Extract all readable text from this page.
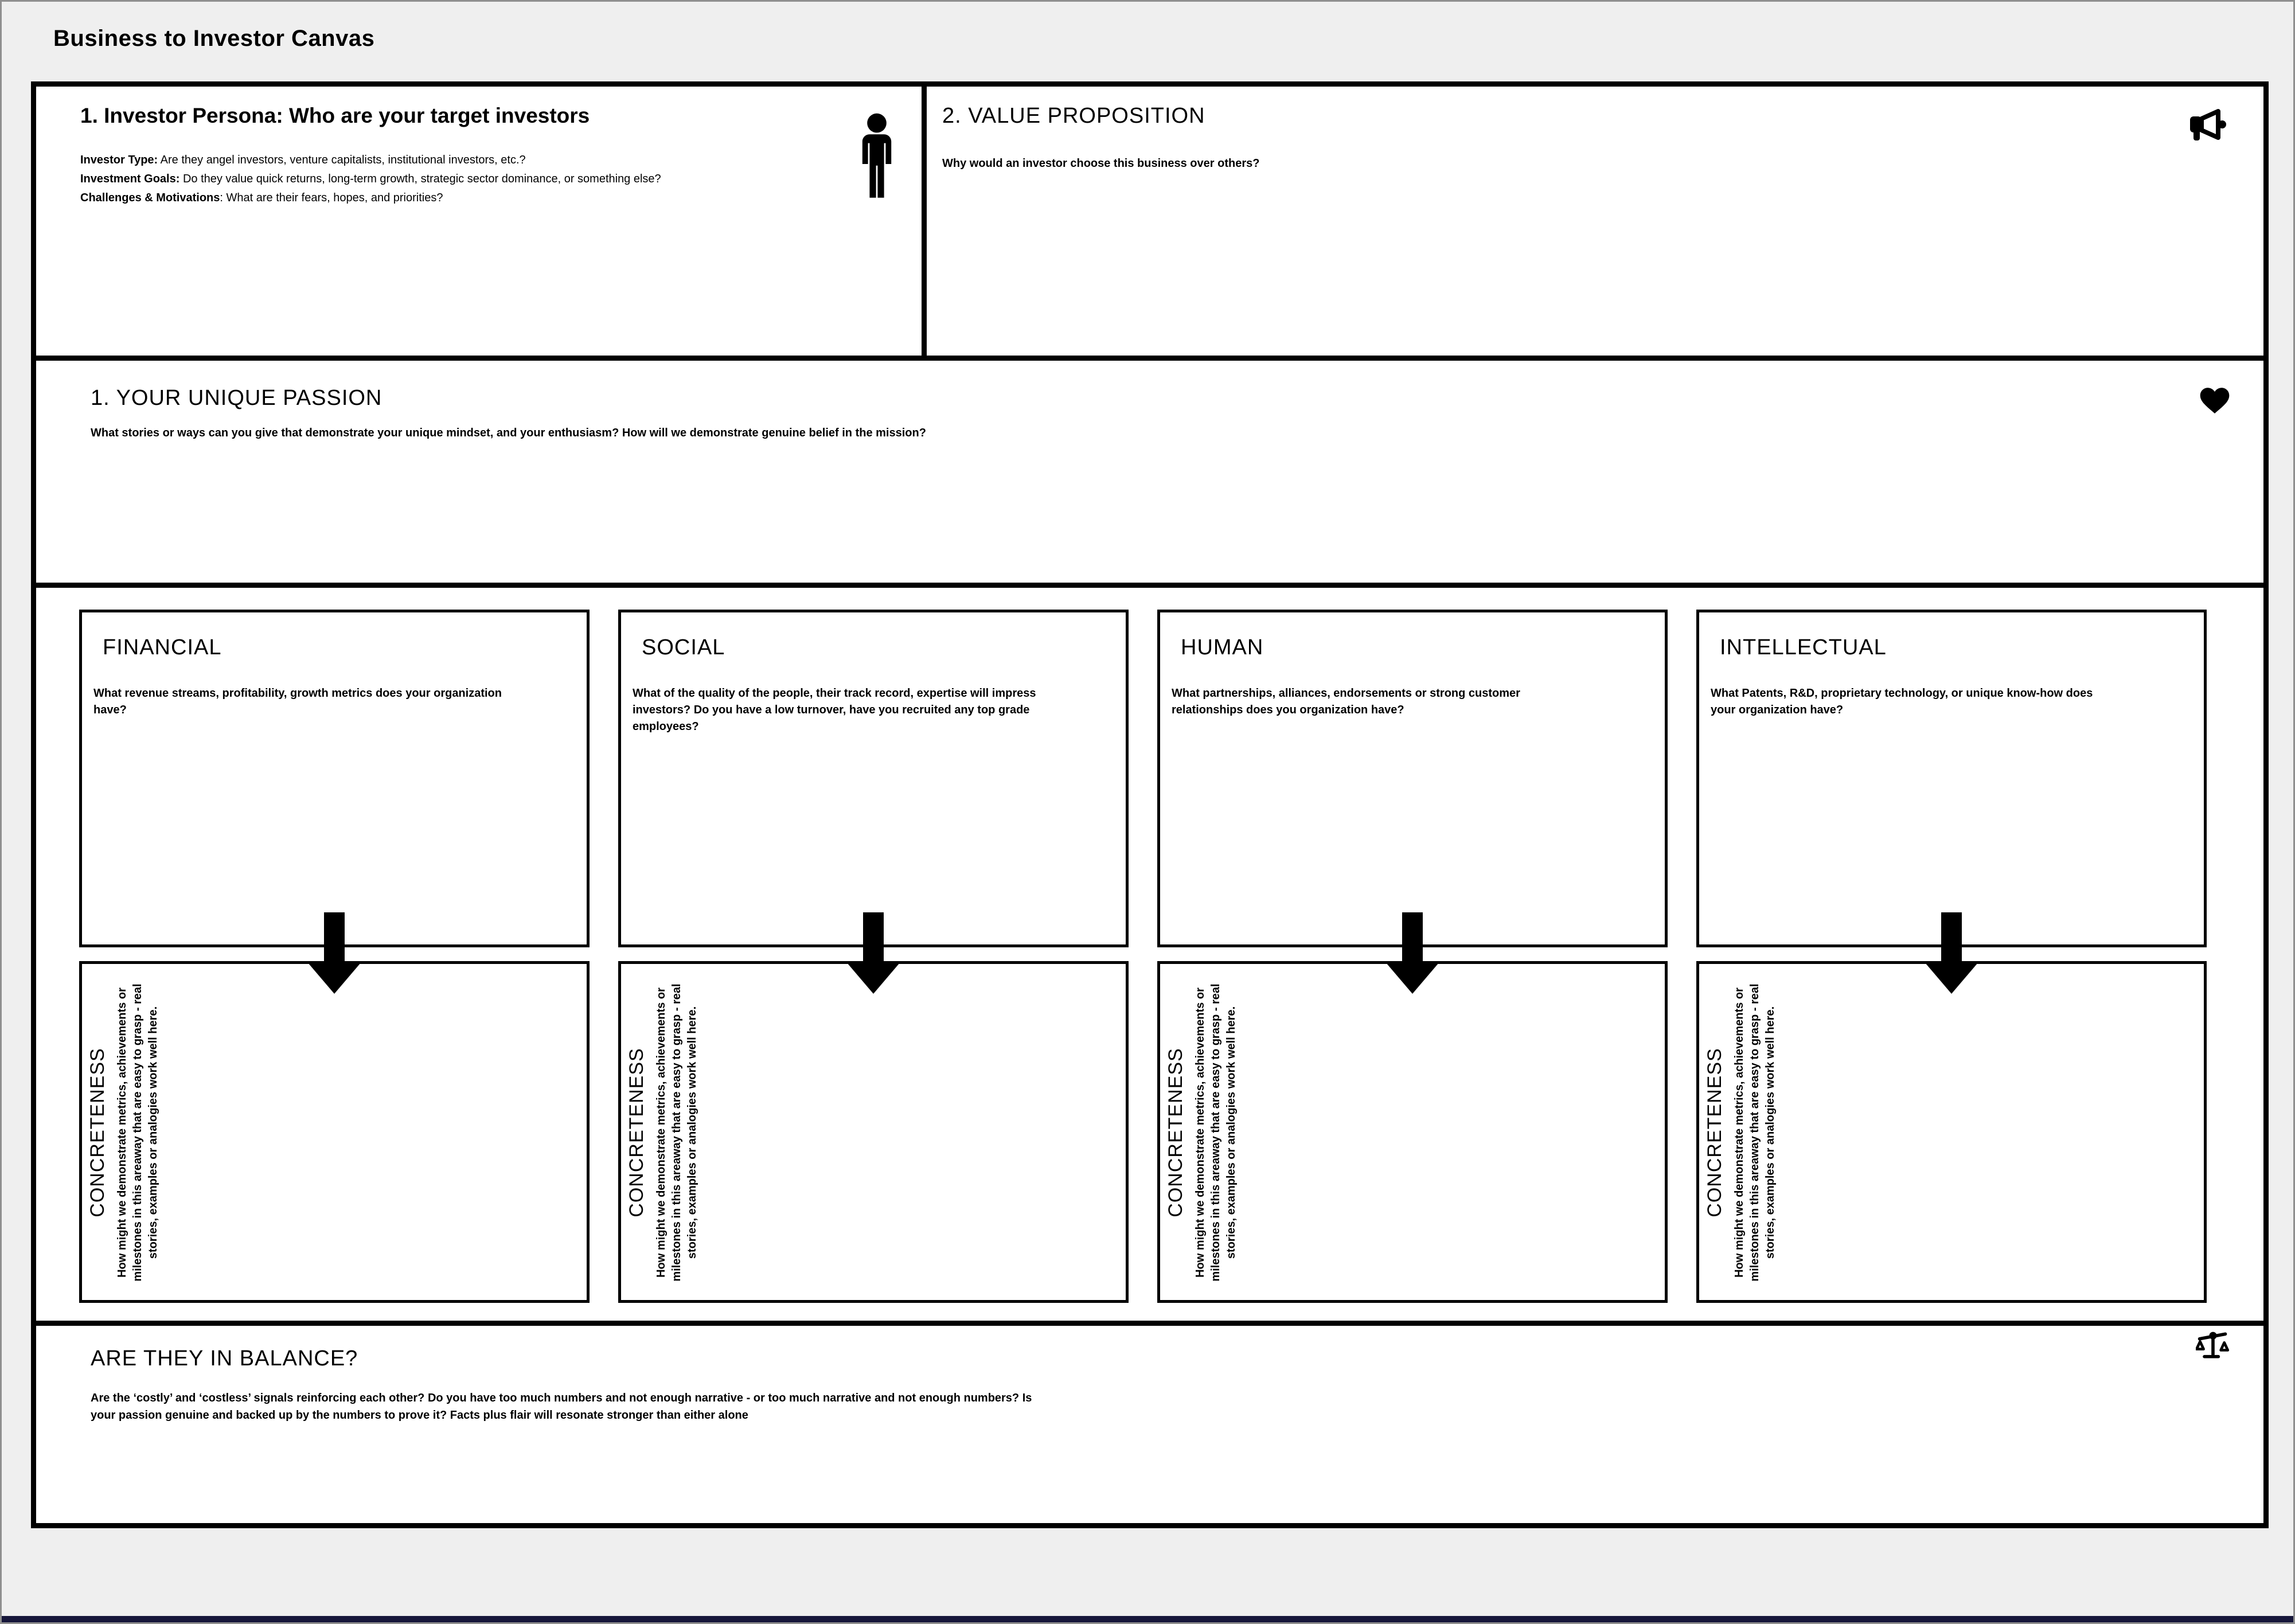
Business to Investor Canvas
1. Investor Persona: Who are your target investors
Investor Type: Are they angel investors, venture capitalists, institutional investors, etc.?
Investment Goals: Do they value quick returns, long-term growth, strategic sector dominance, or something else?
Challenges & Motivations: What are their fears, hopes, and priorities?
2. VALUE PROPOSITION
Why would an investor choose this business over others?
1. YOUR UNIQUE PASSION
What stories or ways can you give that demonstrate your unique mindset, and your enthusiasm? How will we demonstrate genuine belief in the mission?
FINANCIAL
What revenue streams, profitability, growth metrics does your organization have?
CONCRETENESS How might we demonstrate metrics, achievements or milestones in this areaway that are easy to grasp - real stories, examples or analogies work well here.
SOCIAL
What of the quality of the people, their track record, expertise will impress investors? Do you have a low turnover, have you recruited any top grade employees?
CONCRETENESS How might we demonstrate metrics, achievements or milestones in this areaway that are easy to grasp - real stories, examples or analogies work well here.
HUMAN
What partnerships, alliances, endorsements or strong customer relationships does you organization have?
CONCRETENESS How might we demonstrate metrics, achievements or milestones in this areaway that are easy to grasp - real stories, examples or analogies work well here.
INTELLECTUAL
What Patents, R&D, proprietary technology, or unique know-how does your organization have?
CONCRETENESS How might we demonstrate metrics, achievements or milestones in this areaway that are easy to grasp - real stories, examples or analogies work well here.
ARE THEY IN BALANCE?
Are the ‘costly’ and ‘costless’ signals reinforcing each other? Do you have too much numbers and not enough narrative - or too much narrative and not enough numbers? Is your passion genuine and backed up by the numbers to prove it? Facts plus flair will resonate stronger than either alone
